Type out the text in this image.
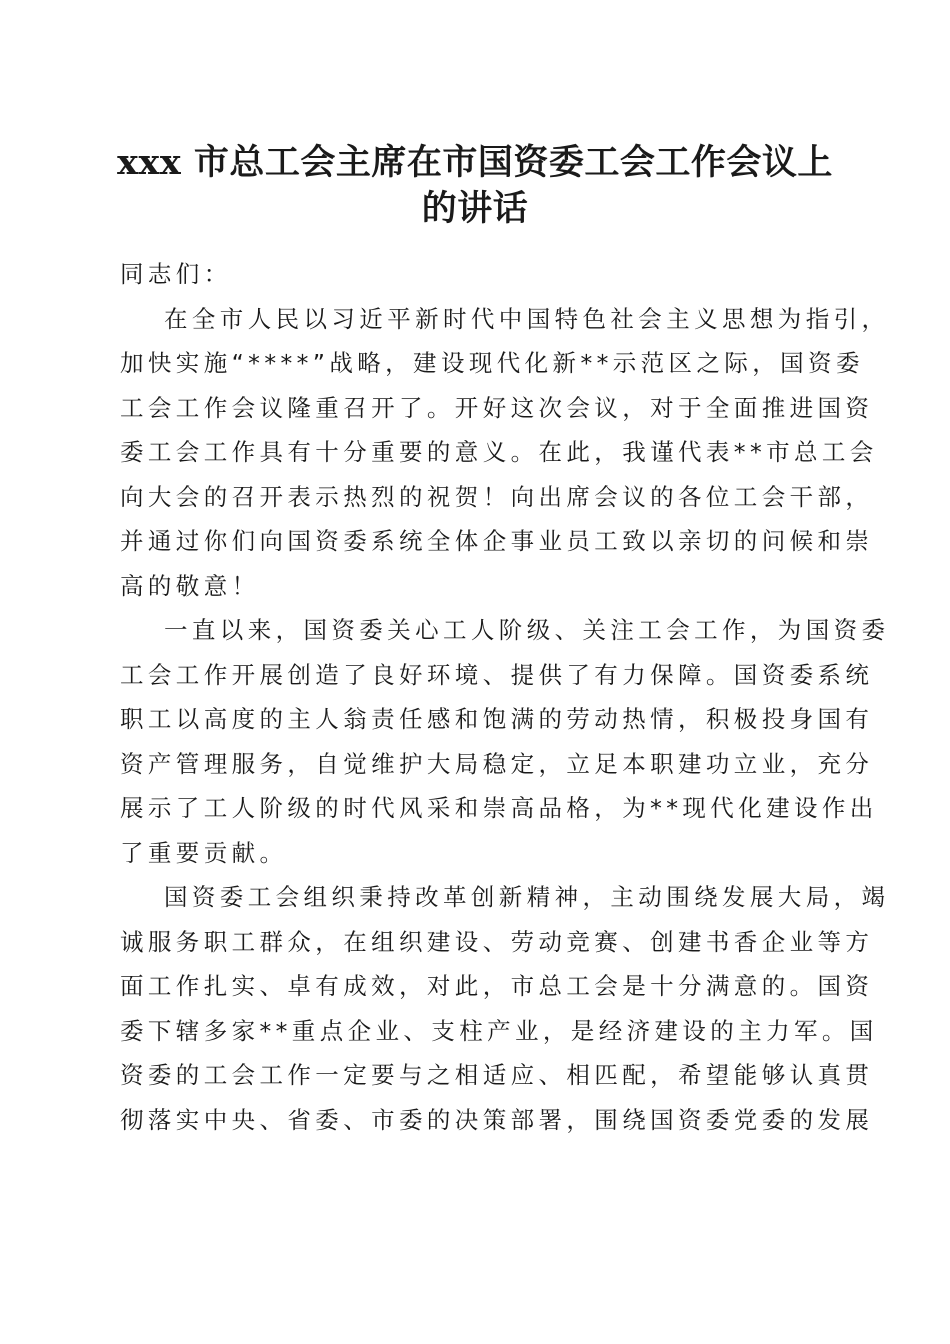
xxx 市总工会主席在市国资委工会工作会议上
的讲话

同志们：

在全市人民以习近平新时代中国特色社会主义思想为指引，
加快实施“****”战略，建设现代化新**示范区之际，国资委
工会工作会议隆重召开了。开好这次会议，对于全面推进国资
委工会工作具有十分重要的意义。在此，我谨代表**市总工会
向大会的召开表示热烈的祝贺！向出席会议的各位工会干部，
并通过你们向国资委系统全体企事业员工致以亲切的问候和崇
高的敬意！

一直以来，国资委关心工人阶级、关注工会工作，为国资委
工会工作开展创造了良好环境、提供了有力保障。国资委系统
职工以高度的主人翁责任感和饱满的劳动热情，积极投身国有
资产管理服务，自觉维护大局稳定，立足本职建功立业，充分
展示了工人阶级的时代风采和崇高品格，为**现代化建设作出
了重要贡献。

国资委工会组织秉持改革创新精神，主动围绕发展大局，竭
诚服务职工群众，在组织建设、劳动竞赛、创建书香企业等方
面工作扎实、卓有成效，对此，市总工会是十分满意的。国资
委下辖多家**重点企业、支柱产业，是经济建设的主力军。国
资委的工会工作一定要与之相适应、相匹配，希望能够认真贯
彻落实中央、省委、市委的决策部署，围绕国资委党委的发展
